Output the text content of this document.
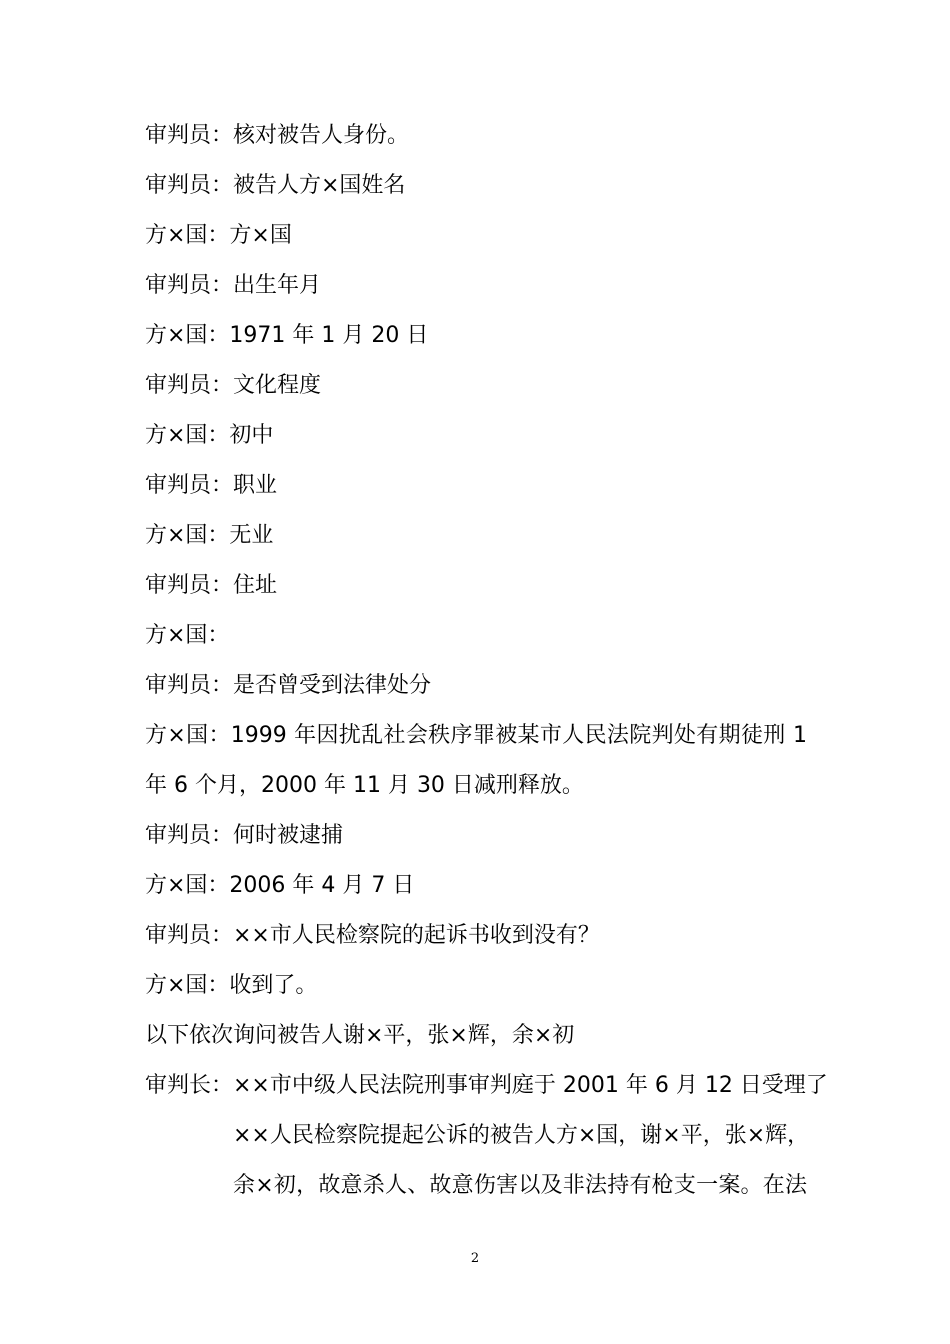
审判员：核对被告人身份。
审判员：被告人方×国姓名
方×国：方×国
审判员：出生年月
方×国：1971 年 1 月 20 日
审判员：文化程度
方×国：初中
审判员：职业
方×国：无业
审判员：住址
方×国：
审判员：是否曾受到法律处分
方×国：1999 年因扰乱社会秩序罪被某市人民法院判处有期徒刑 1
年 6 个月，2000 年 11 月 30 日减刑释放。
审判员：何时被逮捕
方×国：2006 年 4 月 7 日
审判员：××市人民检察院的起诉书收到没有？
方×国：收到了。
以下依次询问被告人谢×平，张×辉，余×初
审判长：××市中级人民法院刑事审判庭于 2001 年 6 月 12 日受理了
××人民检察院提起公诉的被告人方×国，谢×平，张×辉，
余×初，故意杀人、故意伤害以及非法持有枪支一案。在法
2
